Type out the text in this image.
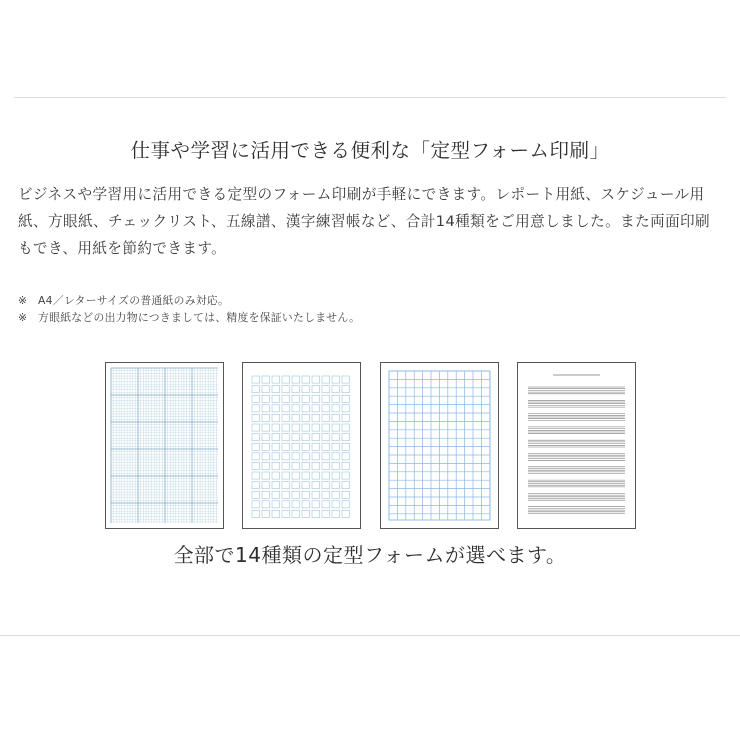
仕事や学習に活用できる便利な「定型フォーム印刷」

ビジネスや学習用に活用できる定型のフォーム印刷が手軽にできます。レポート用紙、スケジュール用紙、方眼紙、チェックリスト、五線譜、漢字練習帳など、合計14種類をご用意しました。また両面印刷もでき、用紙を節約できます。

※ A4／レターサイズの普通紙のみ対応。
※ 方眼紙などの出力物につきましては、精度を保証いたしません。

全部で14種類の定型フォームが選べます。
